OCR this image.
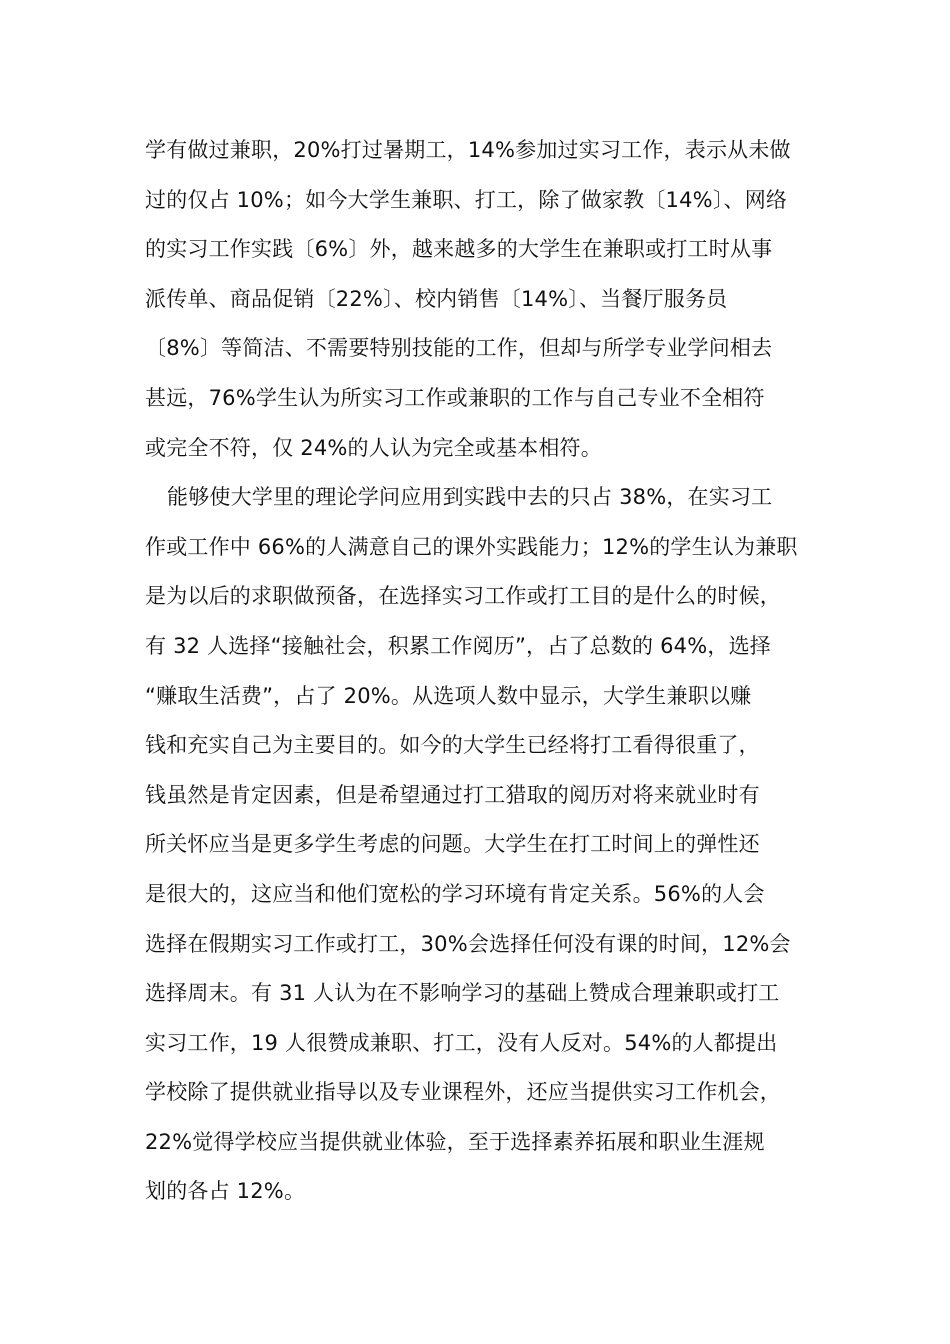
学有做过兼职，20%打过暑期工，14%参加过实习工作，表示从未做
过的仅占 10%；如今大学生兼职、打工，除了做家教〔14%〕、网络
的实习工作实践〔6%〕外，越来越多的大学生在兼职或打工时从事
派传单、商品促销〔22%〕、校内销售〔14%〕、当餐厅服务员
〔8%〕等简洁、不需要特别技能的工作，但却与所学专业学问相去
甚远，76%学生认为所实习工作或兼职的工作与自己专业不全相符
或完全不符，仅 24%的人认为完全或基本相符。
能够使大学里的理论学问应用到实践中去的只占 38%，在实习工
作或工作中 66%的人满意自己的课外实践能力；12%的学生认为兼职
是为以后的求职做预备，在选择实习工作或打工目的是什么的时候，
有 32 人选择“接触社会，积累工作阅历”，占了总数的 64%，选择
“赚取生活费”，占了 20%。从选项人数中显示，大学生兼职以赚
钱和充实自己为主要目的。如今的大学生已经将打工看得很重了，
钱虽然是肯定因素，但是希望通过打工猎取的阅历对将来就业时有
所关怀应当是更多学生考虑的问题。大学生在打工时间上的弹性还
是很大的，这应当和他们宽松的学习环境有肯定关系。56%的人会
选择在假期实习工作或打工，30%会选择任何没有课的时间，12%会
选择周末。有 31 人认为在不影响学习的基础上赞成合理兼职或打工
实习工作，19 人很赞成兼职、打工，没有人反对。54%的人都提出
学校除了提供就业指导以及专业课程外，还应当提供实习工作机会，
22%觉得学校应当提供就业体验，至于选择素养拓展和职业生涯规
划的各占 12%。
